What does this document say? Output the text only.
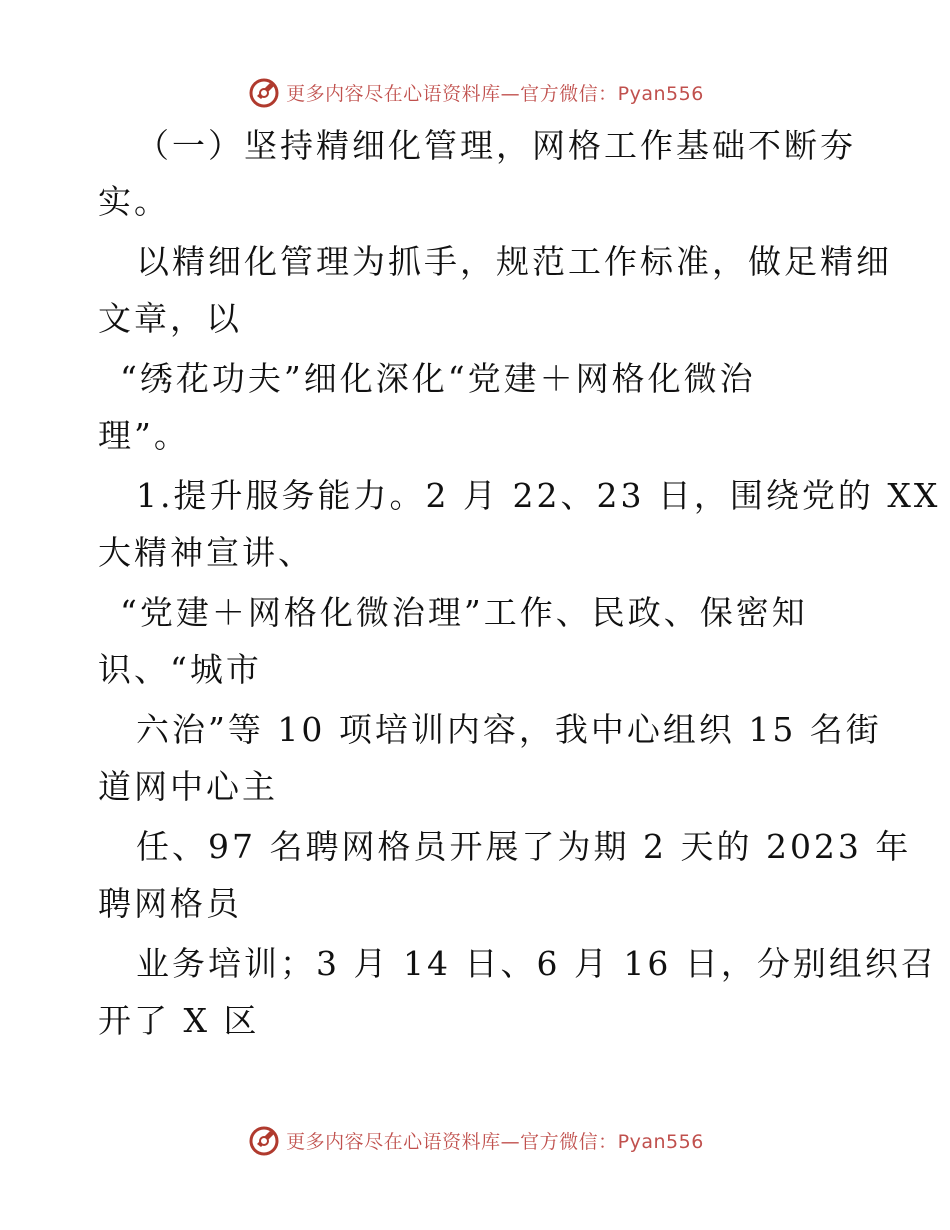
更多内容尽在心语资料库—官方微信：Pyan556
（一）坚持精细化管理，网格工作基础不断夯
实。
以精细化管理为抓手，规范工作标准，做足精细
文章，以
“绣花功夫”细化深化“党建＋网格化微治
理”。
1.提升服务能力。2 月 22、23 日，围绕党的 XX
大精神宣讲、
“党建＋网格化微治理”工作、民政、保密知
识、“城市
六治”等 10 项培训内容，我中心组织 15 名街
道网中心主
任、97 名聘网格员开展了为期 2 天的 2023 年
聘网格员
业务培训；3 月 14 日、6 月 16 日，分别组织召
开了 X 区
更多内容尽在心语资料库—官方微信：Pyan556
